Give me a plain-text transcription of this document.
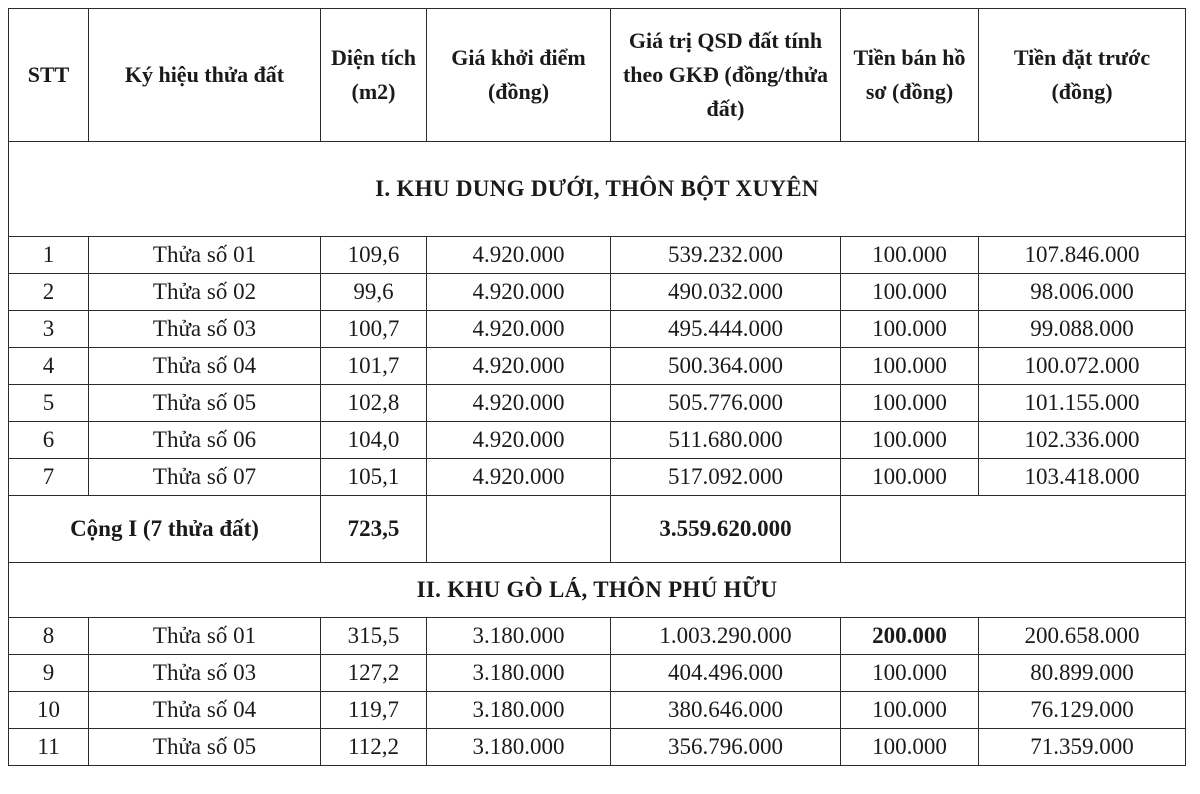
STT	Ký hiệu thửa đất	Diện tích (m2)	Giá khởi điểm (đồng)	Giá trị QSD đất tính theo GKĐ (đồng/thửa đất)	Tiền bán hồ sơ (đồng)	Tiền đặt trước (đồng)
I. KHU DUNG DƯỚI, THÔN BỘT XUYÊN						
1	Thửa số 01	109,6	4.920.000	539.232.000	100.000	107.846.000
2	Thửa số 02	99,6	4.920.000	490.032.000	100.000	98.006.000
3	Thửa số 03	100,7	4.920.000	495.444.000	100.000	99.088.000
4	Thửa số 04	101,7	4.920.000	500.364.000	100.000	100.072.000
5	Thửa số 05	102,8	4.920.000	505.776.000	100.000	101.155.000
6	Thửa số 06	104,0	4.920.000	511.680.000	100.000	102.336.000
7	Thửa số 07	105,1	4.920.000	517.092.000	100.000	103.418.000
Cộng I (7 thửa đất)		723,5		3.559.620.000		
II. KHU GÒ LÁ, THÔN PHÚ HỮU						
8	Thửa số 01	315,5	3.180.000	1.003.290.000	200.000	200.658.000
9	Thửa số 03	127,2	3.180.000	404.496.000	100.000	80.899.000
10	Thửa số 04	119,7	3.180.000	380.646.000	100.000	76.129.000
11	Thửa số 05	112,2	3.180.000	356.796.000	100.000	71.359.000
